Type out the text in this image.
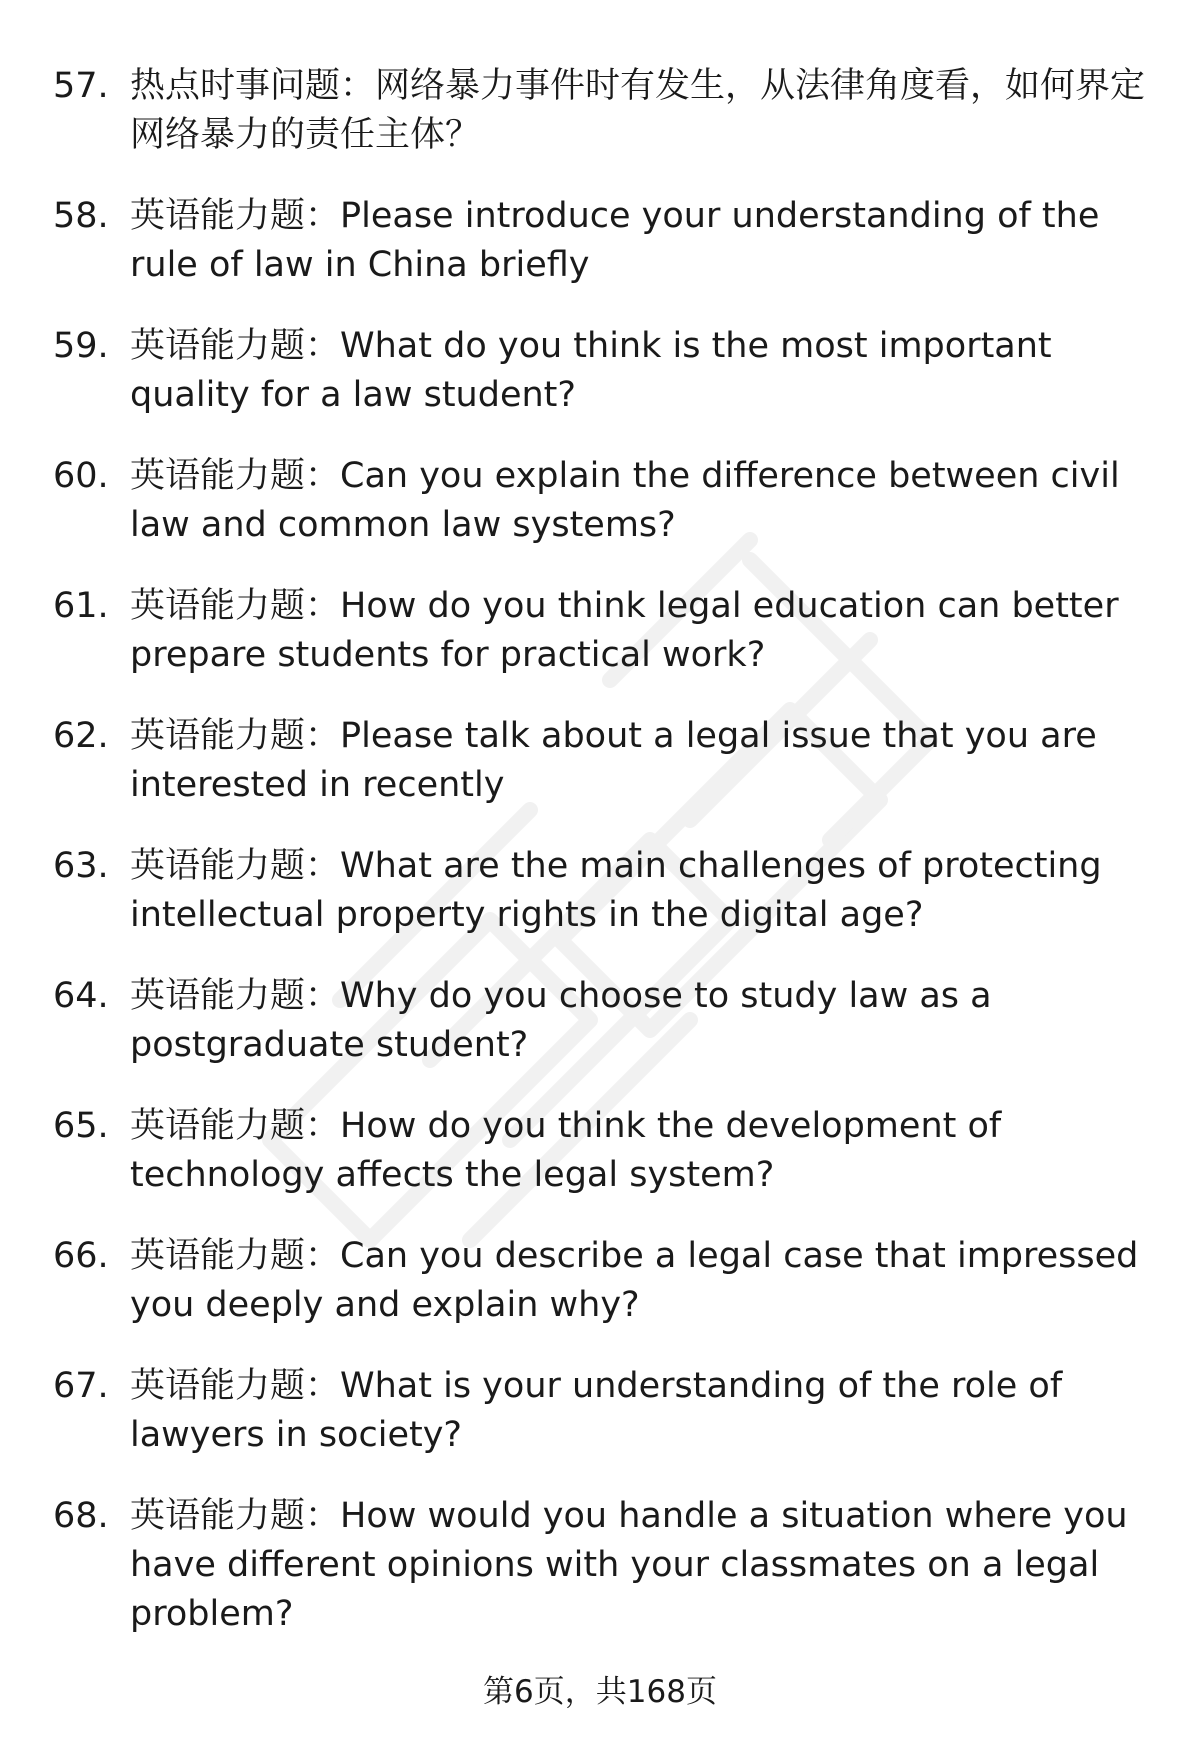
57. 热点时事问题：网络暴力事件时有发生，从法律角度看，如何界定网络暴力的责任主体？
58. 英语能力题：Please introduce your understanding of the rule of law in China briefly
59. 英语能力题：What do you think is the most important quality for a law student?
60. 英语能力题：Can you explain the difference between civil law and common law systems?
61. 英语能力题：How do you think legal education can better prepare students for practical work?
62. 英语能力题：Please talk about a legal issue that you are interested in recently
63. 英语能力题：What are the main challenges of protecting intellectual property rights in the digital age?
64. 英语能力题：Why do you choose to study law as a postgraduate student?
65. 英语能力题：How do you think the development of technology affects the legal system?
66. 英语能力题：Can you describe a legal case that impressed you deeply and explain why?
67. 英语能力题：What is your understanding of the role of lawyers in society?
68. 英语能力题：How would you handle a situation where you have different opinions with your classmates on a legal problem?
第6页，共168页
